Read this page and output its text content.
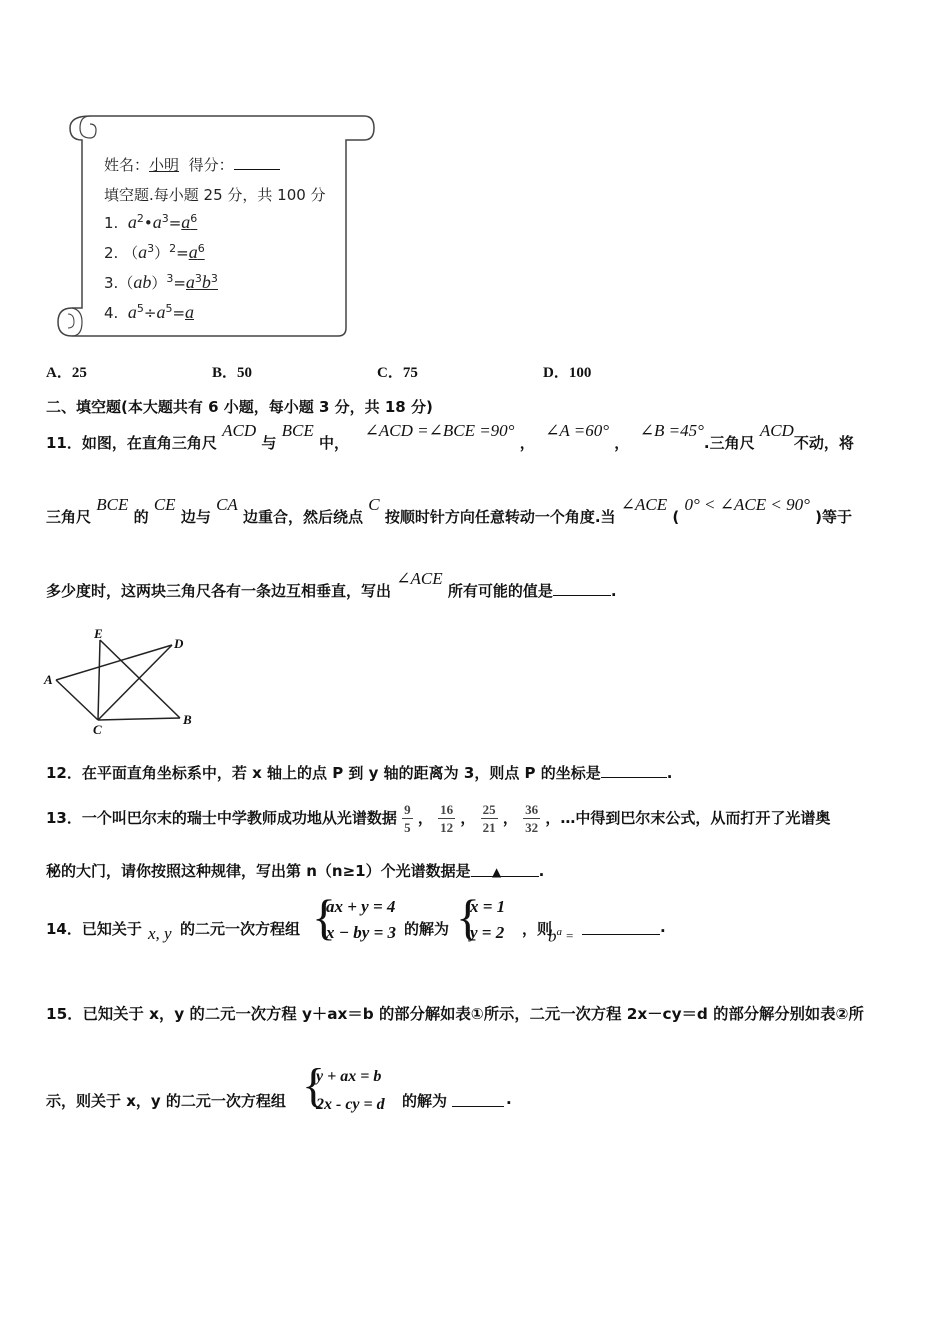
姓名：小明 得分：
填空题.每小题 25 分，共 100 分
1. $a^2•a^3=a^6$
2. $(a^3)^2=a^6$
$3.(ab)^3=a^3b^3$
4. $a^5\div a^5=a$
A．25	B．50	C．75	D．100
二、填空题(本大题共有 6 小题，每小题 3 分，共 18 分)
11．如图，在直角三角尺 ACD 与 BCE 中，   ∠ACD =∠BCE =90° ，  ∠A =60° ，  ∠B =45°.三角尺 ACD不动，将
三角尺 BCE 的 CE 边与 CA 边重合，然后绕点 C 按顺时针方向任意转动一个角度.当 ∠ACE ( 0° < ∠ACE < 90° )等于
多少度时，这两块三角尺各有一条边互相垂直，写出 ∠ACE 所有可能的值是	.
E
D
A
C
B
12．在平面直角坐标系中，若 x 轴上的点 P 到 y 轴的距离为 3，则点 P 的坐标是	.
13．一个叫巴尔末的瑞士中学教师成功地从光谱数据 $\frac{9}{5}$ ， $\frac{16}{12}$ ， $\frac{25}{21}$ ， $\frac{36}{32}$ ，…中得到巴尔末公式，从而打开了光谱奥
秘的大门，请你按照这种规律，写出第 n（n≥1）个光谱数据是 ▲ .
14．已知关于 x, y 的二元一次方程组 {
ax + y = 4
x − by = 3 的解为 {
x = 1
y = 2 ，则
$b^a$ =	.
15．已知关于 x，y 的二元一次方程 y＋ax＝b 的部分解如表①所示，二元一次方程 2x－cy＝d 的部分解分别如表②所
示，则关于 x，y 的二元一次方程组 {
y + ax = b
2x - cy = d 的解为	.
